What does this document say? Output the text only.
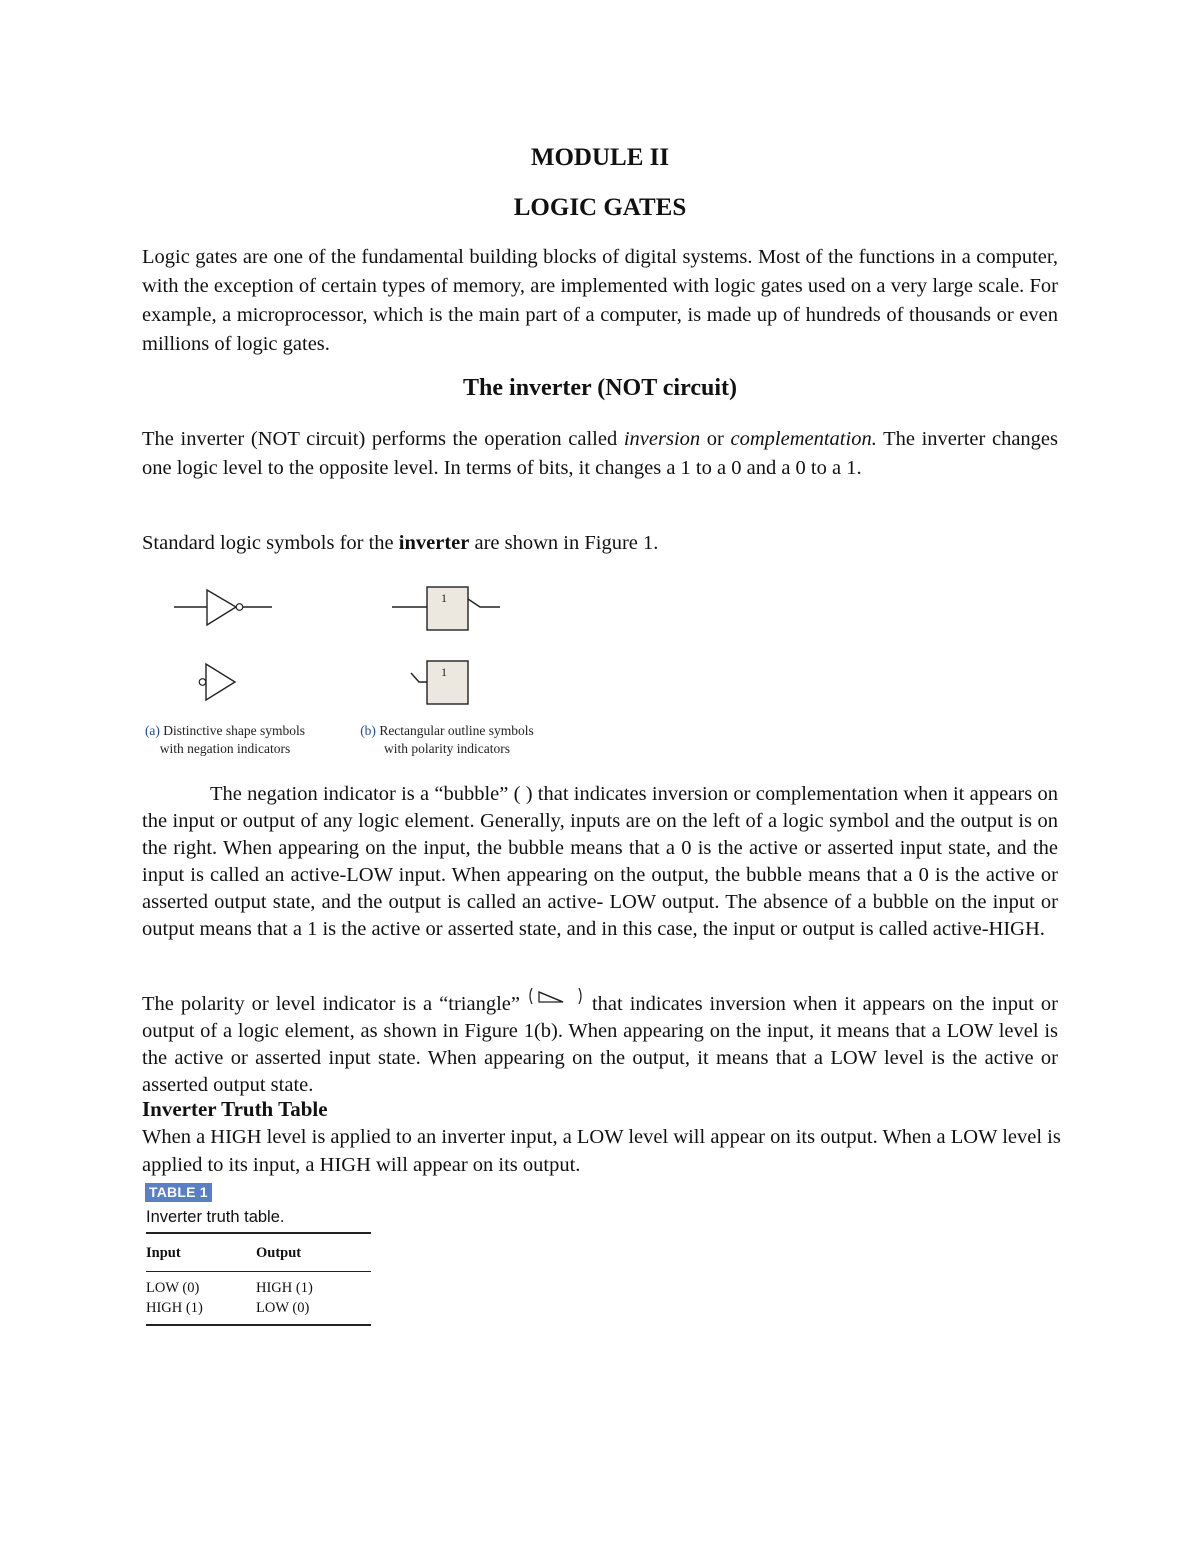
MODULE II
LOGIC GATES

Logic gates are one of the fundamental building blocks of digital systems. Most of the functions in a computer, with the exception of certain types of memory, are implemented with logic gates used on a very large scale. For example, a microprocessor, which is the main part of a computer, is made up of hundreds of thousands or even millions of logic gates.

The inverter (NOT circuit)

The inverter (NOT circuit) performs the operation called inversion or complementation. The inverter changes one logic level to the opposite level. In terms of bits, it changes a 1 to a 0 and a 0 to a 1.

Standard logic symbols for the inverter are shown in Figure 1.

1
1
(a) Distinctive shape symbols
with negation indicators
(b) Rectangular outline symbols
with polarity indicators

The negation indicator is a “bubble” ( ) that indicates inversion or complementation when it appears on the input or output of any logic element. Generally, inputs are on the left of a logic symbol and the output is on the right. When appearing on the input, the bubble means that a 0 is the active or asserted input state, and the input is called an active-LOW input. When appearing on the output, the bubble means that a 0 is the active or asserted output state, and the output is called an active- LOW output. The absence of a bubble on the input or output means that a 1 is the active or asserted state, and in this case, the input or output is called active-HIGH.

The polarity or level indicator is a “triangle”	that indicates inversion when it appears on the input or output of a logic element, as shown in Figure 1(b). When appearing on the input, it means that a LOW level is the active or asserted input state. When appearing on the output, it means that a LOW level is the active or asserted output state.

Inverter Truth Table

When a HIGH level is applied to an inverter input, a LOW level will appear on its output. When a LOW level is applied to its input, a HIGH will appear on its output.

TABLE 1
Inverter truth table.
Input	Output
LOW (0)	HIGH (1)
HIGH (1)	LOW (0)
